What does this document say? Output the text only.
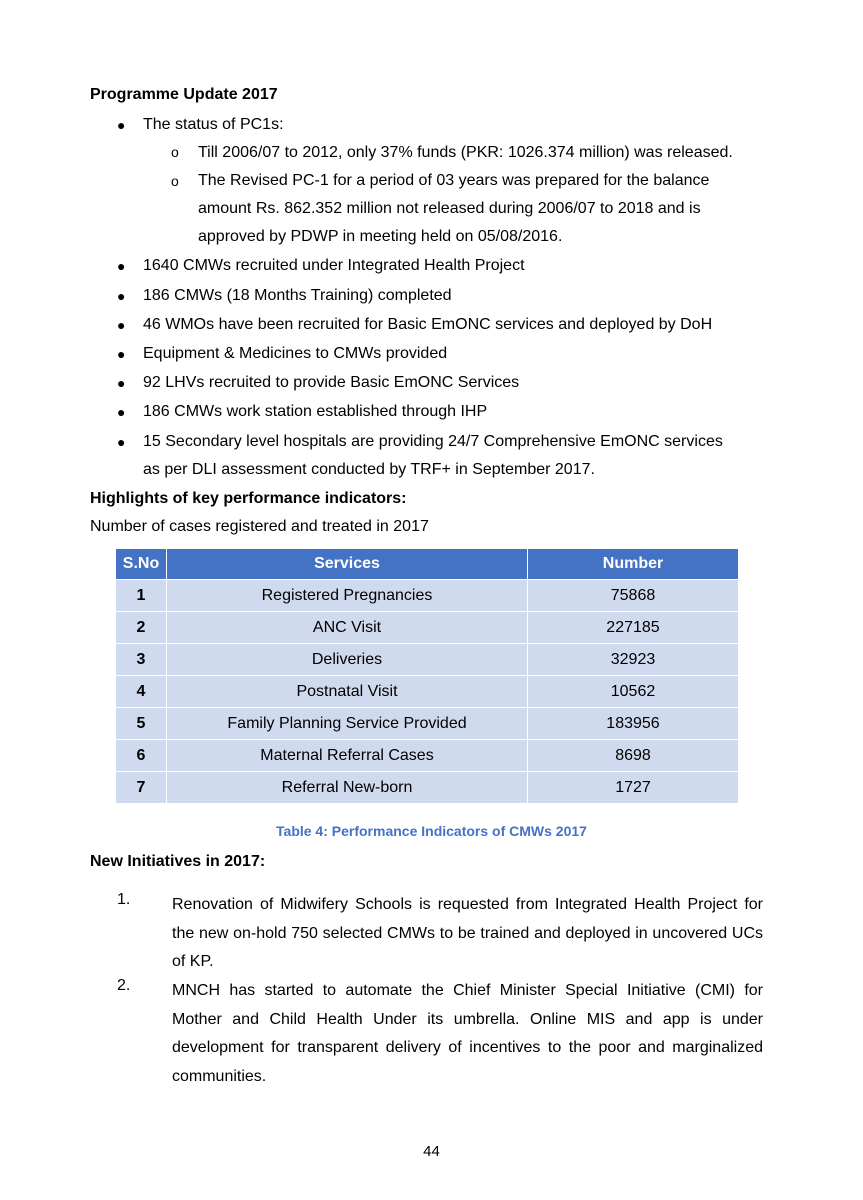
Programme Update 2017
● The status of PC1s:
o Till 2006/07 to 2012, only 37% funds (PKR: 1026.374 million) was released.
o The Revised PC-1 for a period of 03 years was prepared for the balance
amount Rs. 862.352 million not released during 2006/07 to 2018 and is
approved by PDWP in meeting held on 05/08/2016.
● 1640 CMWs recruited under Integrated Health Project
● 186 CMWs (18 Months Training) completed
● 46 WMOs have been recruited for Basic EmONC services and deployed by DoH
● Equipment & Medicines to CMWs provided
● 92 LHVs recruited to provide Basic EmONC Services
● 186 CMWs work station established through IHP
● 15 Secondary level hospitals are providing 24/7 Comprehensive EmONC services
as per DLI assessment conducted by TRF+ in September 2017.
Highlights of key performance indicators:
Number of cases registered and treated in 2017
S.No	Services	Number
1	Registered Pregnancies	75868
2	ANC Visit	227185
3	Deliveries	32923
4	Postnatal Visit	10562
5	Family Planning Service Provided	183956
6	Maternal Referral Cases	8698
7	Referral New-born	1727
Table 4: Performance Indicators of CMWs 2017
New Initiatives in 2017:
1.	Renovation of Midwifery Schools is requested from Integrated Health Project for the new on-hold 750 selected CMWs to be trained and deployed in uncovered UCs of KP.
2.	MNCH has started to automate the Chief Minister Special Initiative (CMI) for Mother and Child Health Under its umbrella. Online MIS and app is under development for transparent delivery of incentives to the poor and marginalized communities.
44
